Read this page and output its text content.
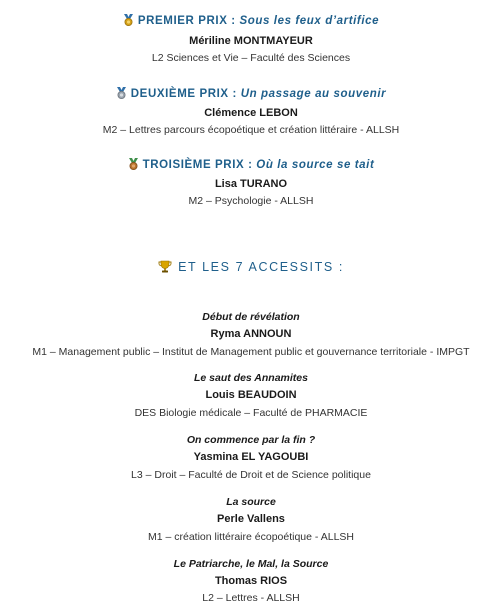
PREMIER PRIX : Sous les feux d’artifice
Mériline MONTMAYEUR
L2 Sciences et Vie – Faculté des Sciences
DEUXIÈME PRIX : Un passage au souvenir
Clémence LEBON
M2 – Lettres parcours écopoétique et création littéraire - ALLSH
TROISIÈME PRIX : Où la source se tait
Lisa TURANO
M2 – Psychologie - ALLSH
ET LES 7 ACCESSITS :
Début de révélation
Ryma ANNOUN
M1 – Management public – Institut de Management public et gouvernance territoriale - IMPGT
Le saut des Annamites
Louis BEAUDOIN
DES Biologie médicale – Faculté de PHARMACIE
On commence par la fin ?
Yasmina EL YAGOUBI
L3 – Droit – Faculté de Droit et de Science politique
La source
Perle Vallens
M1 – création littéraire écopoétique - ALLSH
Le Patriarche, le Mal, la Source
Thomas RIOS
L2 – Lettres - ALLSH
